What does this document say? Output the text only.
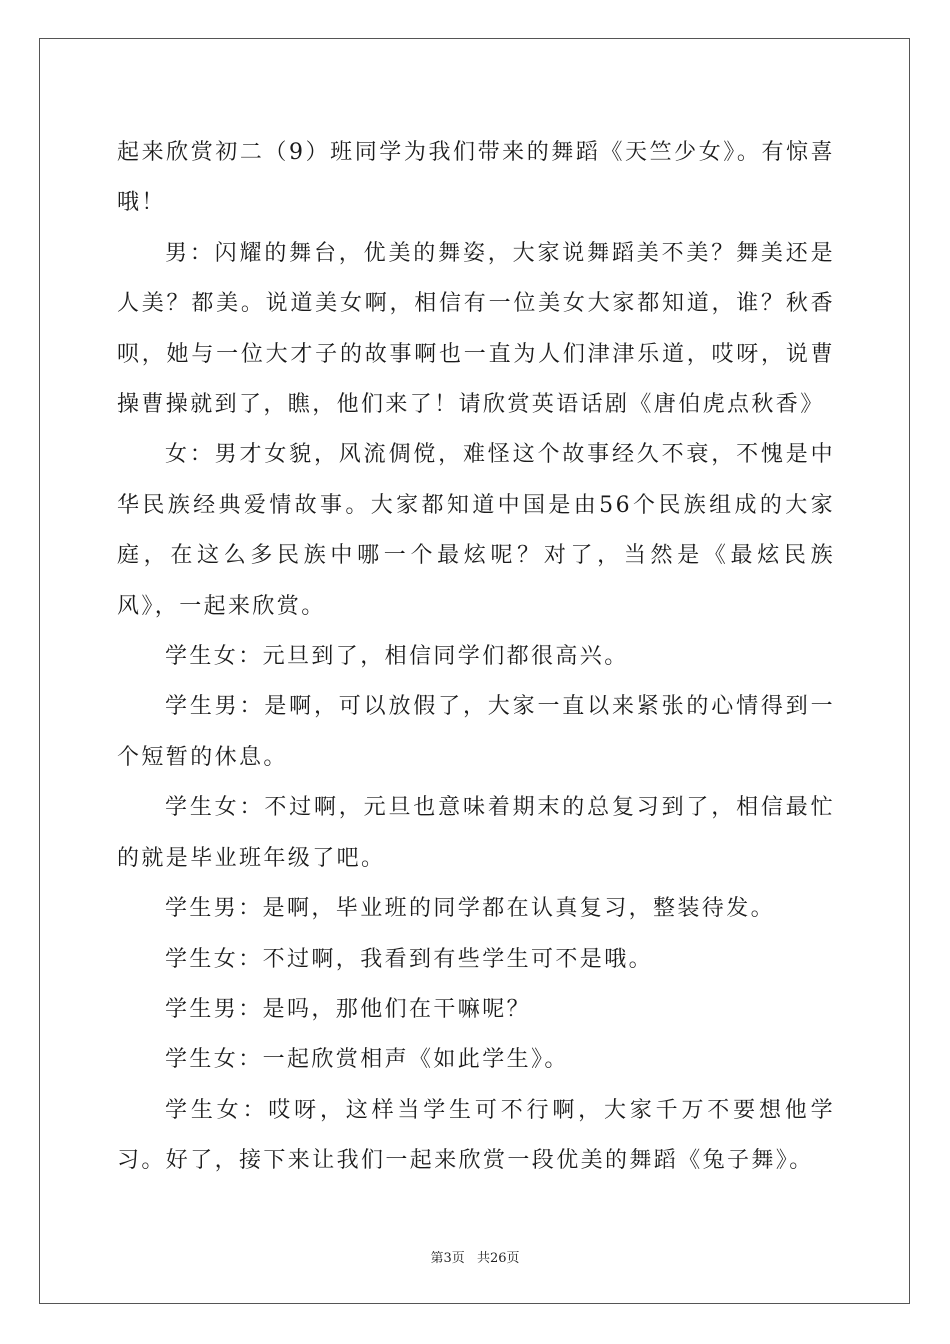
起来欣赏初二（9）班同学为我们带来的舞蹈《天竺少女》。有惊喜哦！

男：闪耀的舞台，优美的舞姿，大家说舞蹈美不美？舞美还是人美？都美。说道美女啊，相信有一位美女大家都知道，谁？秋香呗，她与一位大才子的故事啊也一直为人们津津乐道，哎呀，说曹操曹操就到了，瞧，他们来了！请欣赏英语话剧《唐伯虎点秋香》

女：男才女貌，风流倜傥，难怪这个故事经久不衰，不愧是中华民族经典爱情故事。大家都知道中国是由56个民族组成的大家庭，在这么多民族中哪一个最炫呢？对了，当然是《最炫民族风》，一起来欣赏。

学生女：元旦到了，相信同学们都很高兴。

学生男：是啊，可以放假了，大家一直以来紧张的心情得到一个短暂的休息。

学生女：不过啊，元旦也意味着期末的总复习到了，相信最忙的就是毕业班年级了吧。

学生男：是啊，毕业班的同学都在认真复习，整装待发。

学生女：不过啊，我看到有些学生可不是哦。

学生男：是吗，那他们在干嘛呢？

学生女：一起欣赏相声《如此学生》。

学生女：哎呀，这样当学生可不行啊，大家千万不要想他学习。好了，接下来让我们一起来欣赏一段优美的舞蹈《兔子舞》。

第3页 共26页
